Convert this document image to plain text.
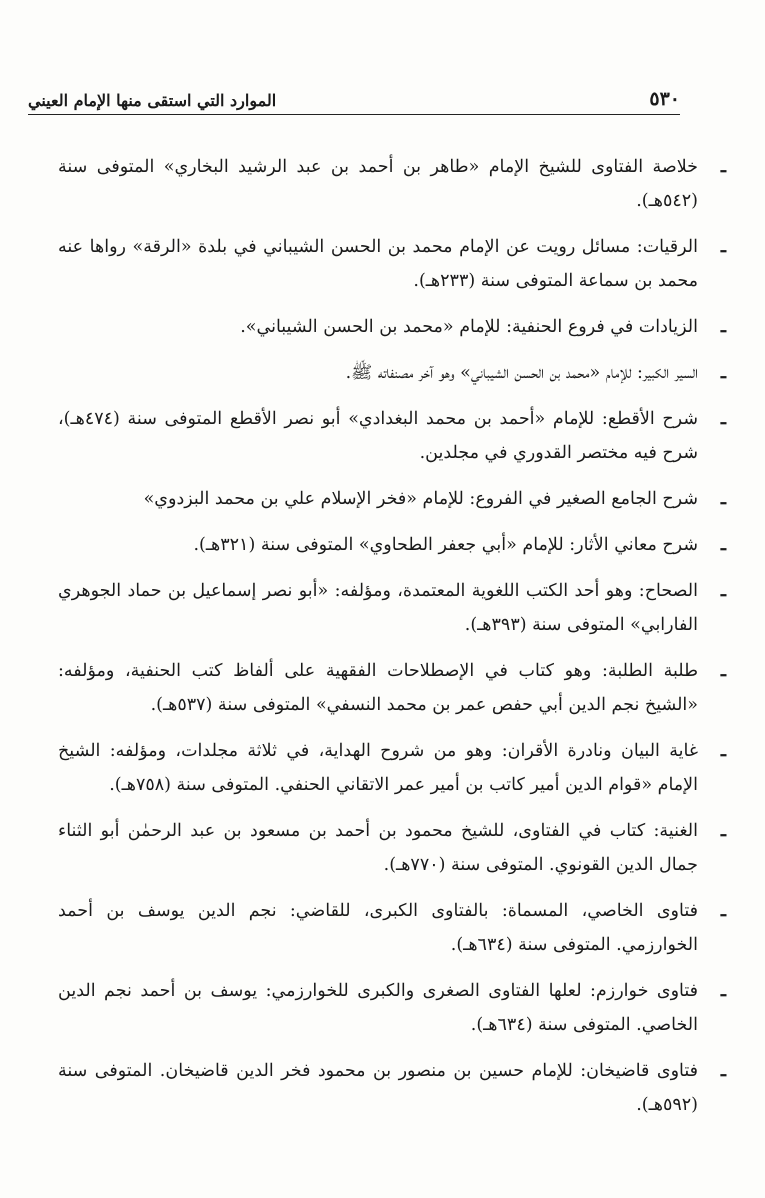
٥٣٠
الموارد التي استقى منها الإمام العيني
ـ
خلاصة الفتاوى للشيخ الإمام «طاهر بن أحمد بن عبد الرشيد البخاري» المتوفى سنة (٥٤٢هـ).
ـ
الرقيات: مسائل رويت عن الإمام محمد بن الحسن الشيباني في بلدة «الرقة» رواها عنه محمد بن سماعة المتوفى سنة (٢٣٣هـ).
ـ
الزيادات في فروع الحنفية: للإمام «محمد بن الحسن الشيباني».
ـ
السير الكبير: للإمام «محمد بن الحسن الشيباني» وهو آخر مصنفاته ﷺ.
ـ
شرح الأقطع: للإمام «أحمد بن محمد البغدادي» أبو نصر الأقطع المتوفى سنة (٤٧٤هـ)، شرح فيه مختصر القدوري في مجلدين.
ـ
شرح الجامع الصغير في الفروع: للإمام «فخر الإسلام علي بن محمد البزدوي»
ـ
شرح معاني الأثار: للإمام «أبي جعفر الطحاوي» المتوفى سنة (٣٢١هـ).
ـ
الصحاح: وهو أحد الكتب اللغوية المعتمدة، ومؤلفه: «أبو نصر إسماعيل بن حماد الجوهري الفارابي» المتوفى سنة (٣٩٣هـ).
ـ
طلبة الطلبة: وهو كتاب في الإصطلاحات الفقهية على ألفاظ كتب الحنفية، ومؤلفه: «الشيخ نجم الدين أبي حفص عمر بن محمد النسفي» المتوفى سنة (٥٣٧هـ).
ـ
غاية البيان ونادرة الأقران: وهو من شروح الهداية، في ثلاثة مجلدات، ومؤلفه: الشيخ الإمام «قوام الدين أمير كاتب بن أمير عمر الاتقاني الحنفي. المتوفى سنة (٧٥٨هـ).
ـ
الغنية: كتاب في الفتاوى، للشيخ محمود بن أحمد بن مسعود بن عبد الرحمٰن أبو الثناء جمال الدين القونوي. المتوفى سنة (٧٧٠هـ).
ـ
فتاوى الخاصي، المسماة: بالفتاوى الكبرى، للقاضي: نجم الدين يوسف بن أحمد الخوارزمي. المتوفى سنة (٦٣٤هـ).
ـ
فتاوى خوارزم: لعلها الفتاوى الصغرى والكبرى للخوارزمي: يوسف بن أحمد نجم الدين الخاصي. المتوفى سنة (٦٣٤هـ).
ـ
فتاوى قاضيخان: للإمام حسين بن منصور بن محمود فخر الدين قاضيخان. المتوفى سنة (٥٩٢هـ).
